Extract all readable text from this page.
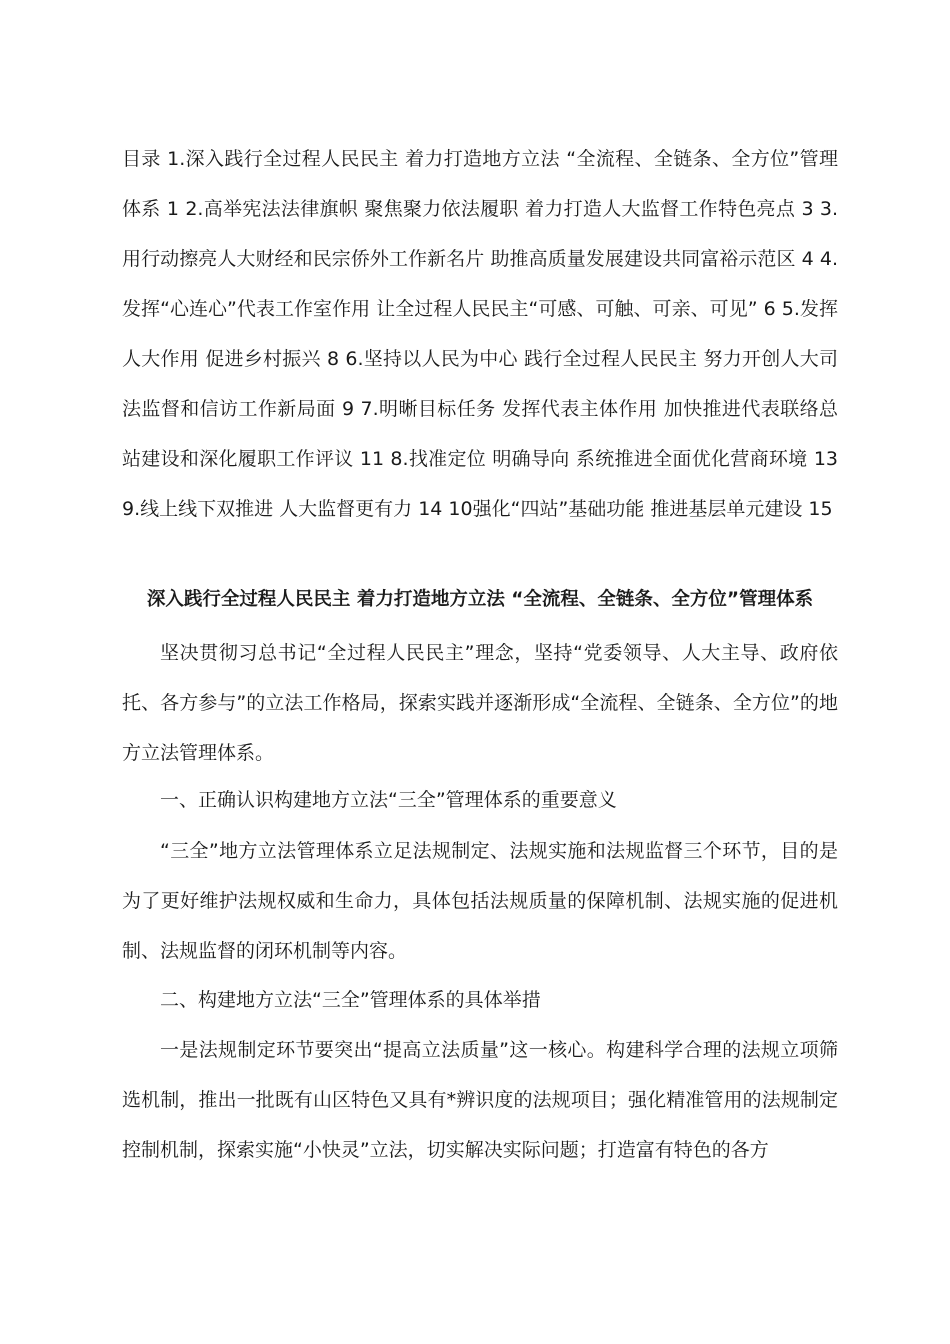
目录 1.深入践行全过程人民民主 着力打造地方立法 “全流程、全链条、全方位”管理体系 1 2.高举宪法法律旗帜 聚焦聚力依法履职 着力打造人大监督工作特色亮点 3 3.用行动擦亮人大财经和民宗侨外工作新名片 助推高质量发展建设共同富裕示范区 4 4.发挥“心连心”代表工作室作用 让全过程人民民主“可感、可触、可亲、可见” 6 5.发挥人大作用 促进乡村振兴 8 6.坚持以人民为中心 践行全过程人民民主 努力开创人大司法监督和信访工作新局面 9 7.明晰目标任务 发挥代表主体作用 加快推进代表联络总站建设和深化履职工作评议 11 8.找准定位 明确导向 系统推进全面优化营商环境 13 9.线上线下双推进 人大监督更有力 14 10强化“四站”基础功能 推进基层单元建设 15

深入践行全过程人民民主 着力打造地方立法 “全流程、全链条、全方位”管理体系

坚决贯彻习总书记“全过程人民民主”理念，坚持“党委领导、人大主导、政府依托、各方参与”的立法工作格局，探索实践并逐渐形成“全流程、全链条、全方位”的地方立法管理体系。

一、正确认识构建地方立法“三全”管理体系的重要意义

“三全”地方立法管理体系立足法规制定、法规实施和法规监督三个环节，目的是为了更好维护法规权威和生命力，具体包括法规质量的保障机制、法规实施的促进机制、法规监督的闭环机制等内容。

二、构建地方立法“三全”管理体系的具体举措

一是法规制定环节要突出“提高立法质量”这一核心。构建科学合理的法规立项筛选机制，推出一批既有山区特色又具有*辨识度的法规项目；强化精准管用的法规制定控制机制，探索实施“小快灵”立法，切实解决实际问题；打造富有特色的各方
